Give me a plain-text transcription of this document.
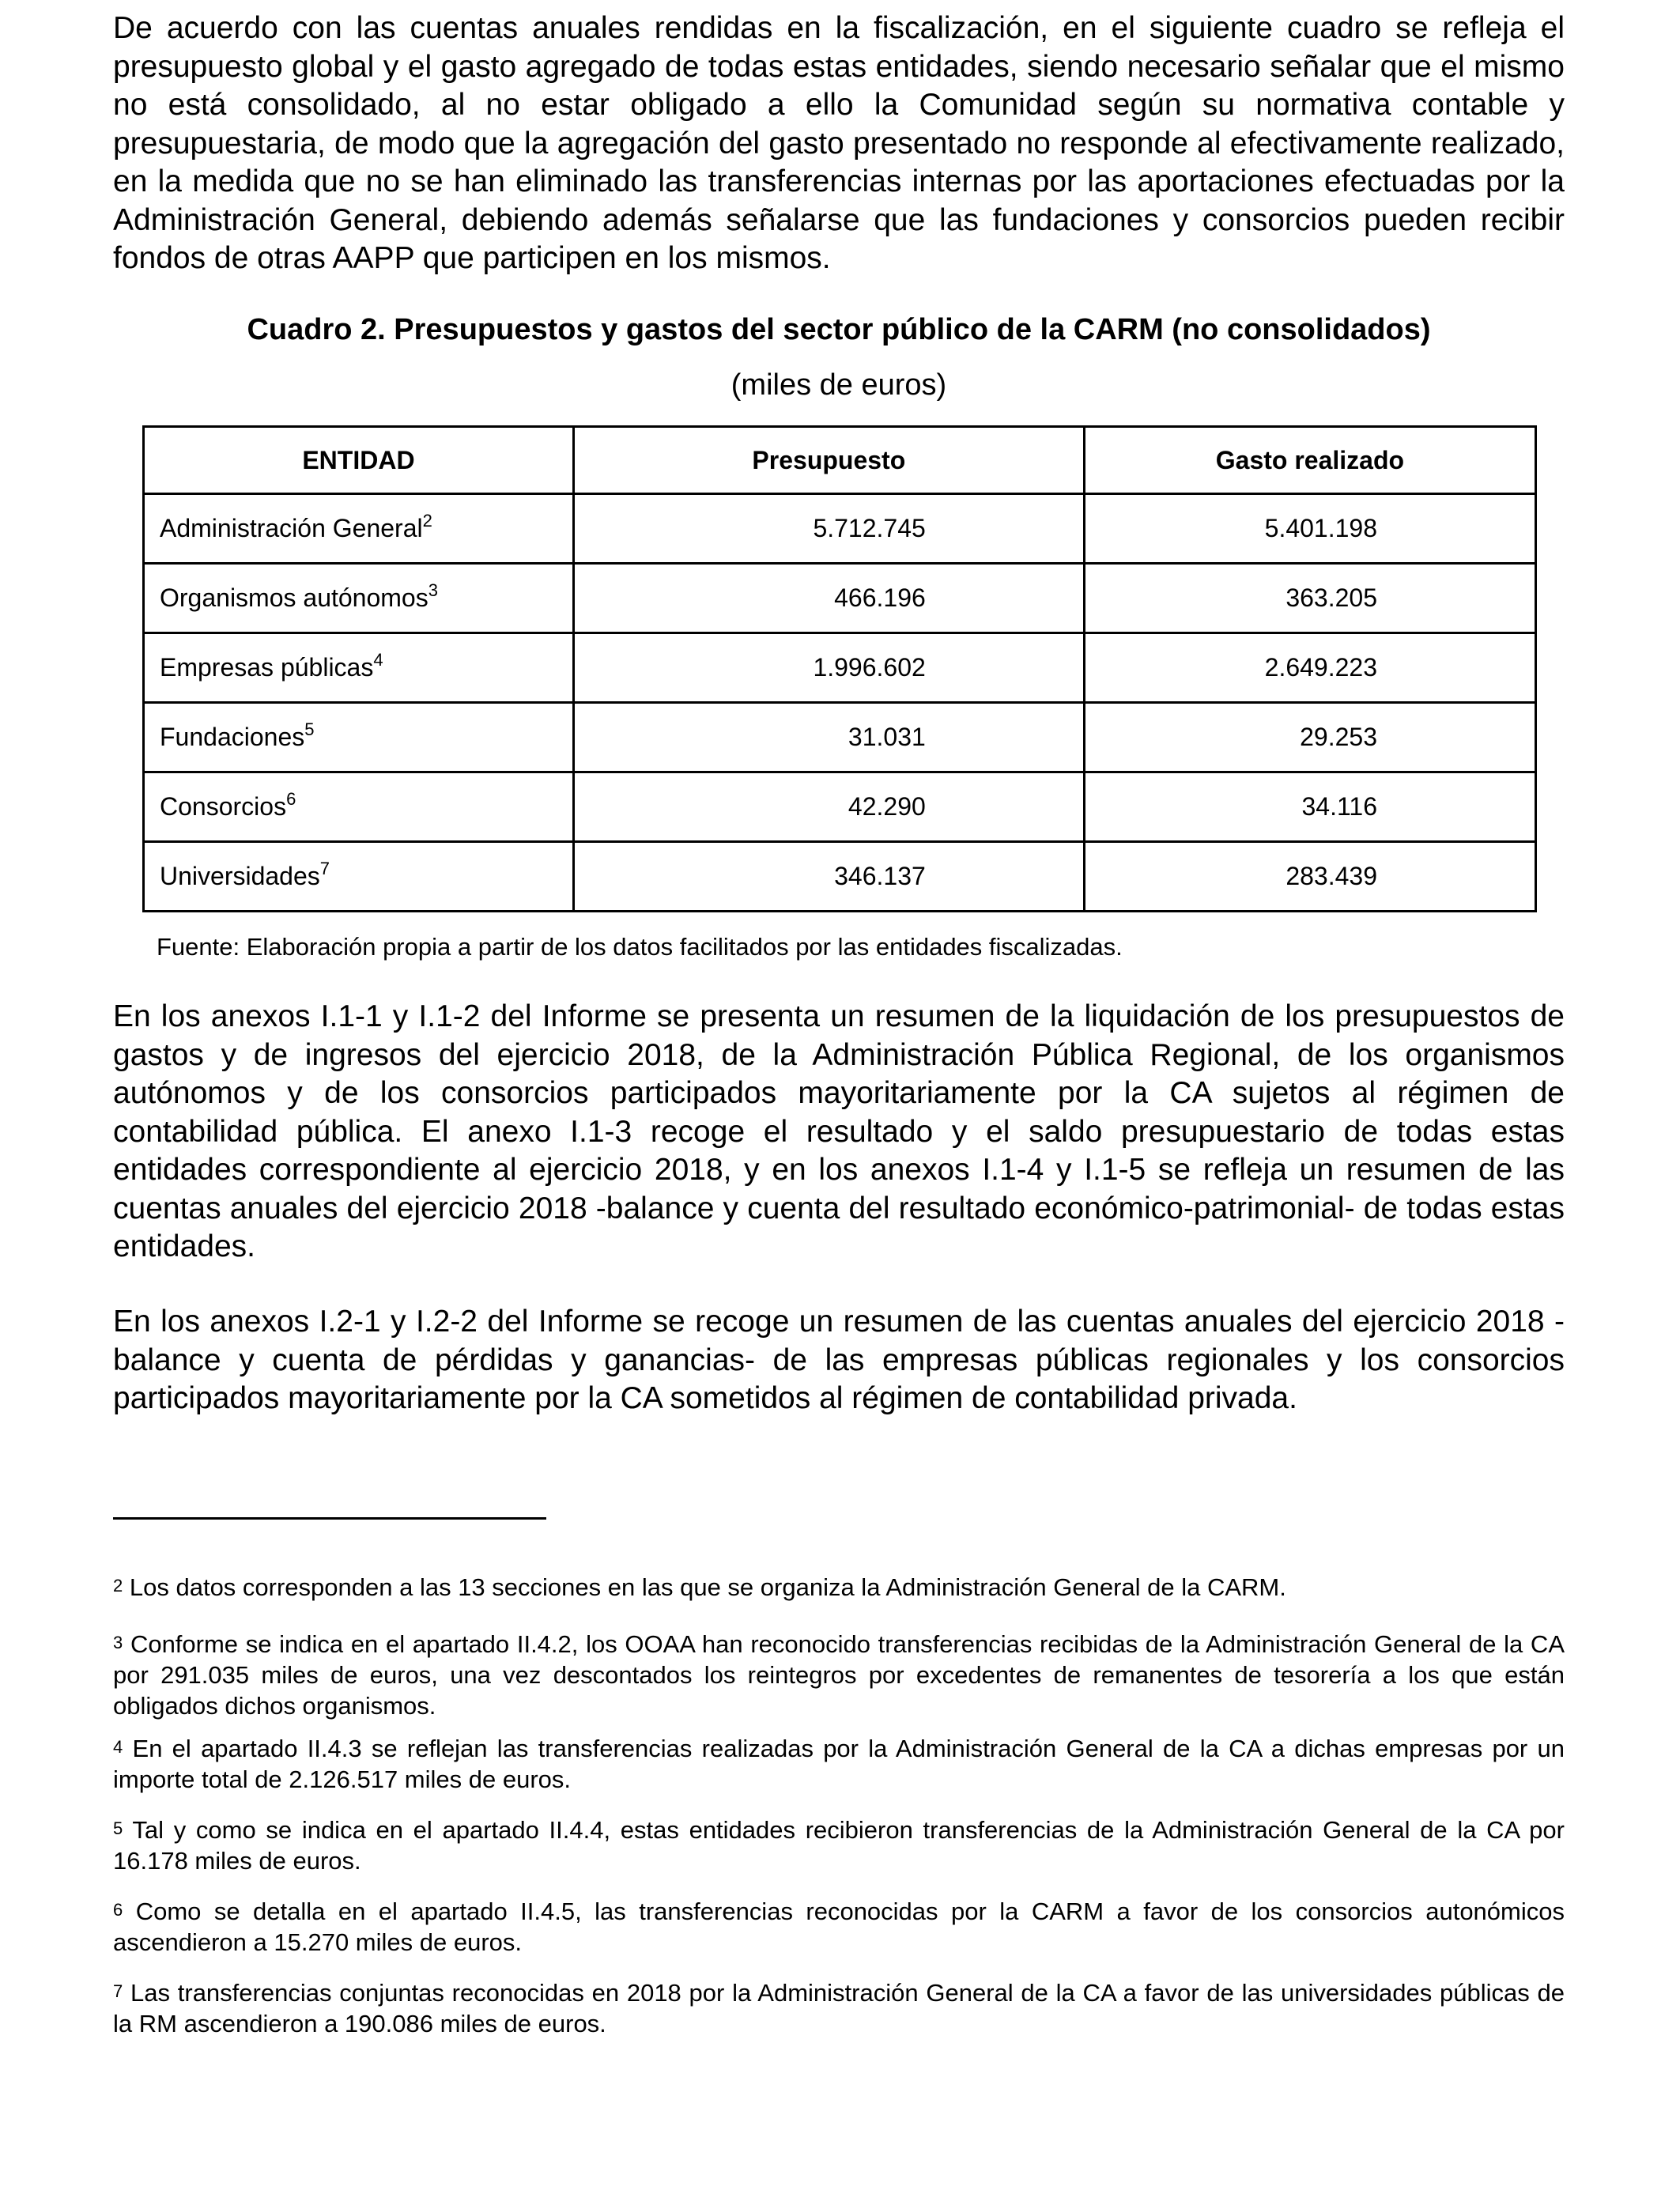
De acuerdo con las cuentas anuales rendidas en la fiscalización, en el siguiente cuadro se refleja el presupuesto global y el gasto agregado de todas estas entidades, siendo necesario señalar que el mismo no está consolidado, al no estar obligado a ello la Comunidad según su normativa contable y presupuestaria, de modo que la agregación del gasto presentado no responde al efectivamente realizado, en la medida que no se han eliminado las transferencias internas por las aportaciones efectuadas por la Administración General, debiendo además señalarse que las fundaciones y consorcios pueden recibir fondos de otras AAPP que participen en los mismos.

Cuadro 2. Presupuestos y gastos del sector público de la CARM (no consolidados)
(miles de euros)
ENTIDAD	Presupuesto	Gasto realizado
Administración General$^2$	5.712.745	5.401.198
Organismos autónomos$^3$	466.196	363.205
Empresas públicas$^4$	1.996.602	2.649.223
Fundaciones$^5$	31.031	29.253
Consorcios$^6$	42.290	34.116
Universidades$^7$	346.137	283.439
Fuente: Elaboración propia a partir de los datos facilitados por las entidades fiscalizadas.

En los anexos I.1-1 y I.1-2 del Informe se presenta un resumen de la liquidación de los presupuestos de gastos y de ingresos del ejercicio 2018, de la Administración Pública Regional, de los organismos autónomos y de los consorcios participados mayoritariamente por la CA sujetos al régimen de contabilidad pública. El anexo I.1-3 recoge el resultado y el saldo presupuestario de todas estas entidades correspondiente al ejercicio 2018, y en los anexos I.1-4 y I.1-5 se refleja un resumen de las cuentas anuales del ejercicio 2018 -balance y cuenta del resultado económico-patrimonial- de todas estas entidades.

En los anexos I.2-1 y I.2-2 del Informe se recoge un resumen de las cuentas anuales del ejercicio 2018 -balance y cuenta de pérdidas y ganancias- de las empresas públicas regionales y los consorcios participados mayoritariamente por la CA sometidos al régimen de contabilidad privada.

$^2$ Los datos corresponden a las 13 secciones en las que se organiza la Administración General de la CARM.

$^3$ Conforme se indica en el apartado II.4.2, los OOAA han reconocido transferencias recibidas de la Administración General de la CA por 291.035 miles de euros, una vez descontados los reintegros por excedentes de remanentes de tesorería a los que están obligados dichos organismos.

$^4$ En el apartado II.4.3 se reflejan las transferencias realizadas por la Administración General de la CA a dichas empresas por un importe total de 2.126.517 miles de euros.

$^5$ Tal y como se indica en el apartado II.4.4, estas entidades recibieron transferencias de la Administración General de la CA por 16.178 miles de euros.

$^6$ Como se detalla en el apartado II.4.5, las transferencias reconocidas por la CARM a favor de los consorcios autonómicos ascendieron a 15.270 miles de euros.

$^7$ Las transferencias conjuntas reconocidas en 2018 por la Administración General de la CA a favor de las universidades públicas de la RM ascendieron a 190.086 miles de euros.
